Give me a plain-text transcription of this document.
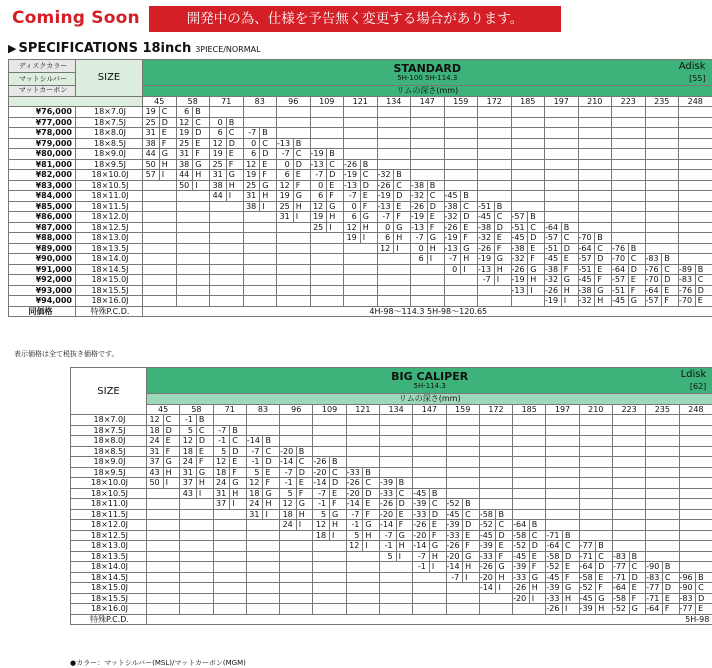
Coming Soon	開発中の為、仕様を予告無く変更する場合があります。
▶ SPECIFICATIONS 18inch 3PIECE/NORMAL
ディスクカラー	SIZE	STANDARD
5H-100 5H-114.3
Adisk
[55]																																	

マットシルバー																																			
マットカーボン		リムの深さ(mm)																																	
		45		58		71		83		96		109		121		134		147		159		172		185		197		210		223		235		248	
¥76,000	18×7.0J	19	C	6	B																														
¥77,000	18×7.5J	25	D	12	C	0	B																												
¥78,000	18×8.0J	31	E	19	D	6	C	-7	B																										
¥79,000	18×8.5J	38	F	25	E	12	D	0	C	-13	B																								
¥80,000	18×9.0J	44	G	31	F	19	E	6	D	-7	C	-19	B																						
¥81,000	18×9.5J	50	H	38	G	25	F	12	E	0	D	-13	C	-26	B																				
¥82,000	18×10.0J	57	I	44	H	31	G	19	F	6	E	-7	D	-19	C	-32	B																		
¥83,000	18×10.5J			50	I	38	H	25	G	12	F	0	E	-13	D	-26	C	-38	B																
¥84,000	18×11.0J					44	I	31	H	19	G	6	F	-7	E	-19	D	-32	C	-45	B														
¥85,000	18×11.5J							38	I	25	H	12	G	0	F	-13	E	-26	D	-38	C	-51	B												
¥86,000	18×12.0J									31	I	19	H	6	G	-7	F	-19	E	-32	D	-45	C	-57	B										
¥87,000	18×12.5J											25	I	12	H	0	G	-13	F	-26	E	-38	D	-51	C	-64	B								
¥88,000	18×13.0J													19	I	6	H	-7	G	-19	F	-32	E	-45	D	-57	C	-70	B						
¥89,000	18×13.5J															12	I	0	H	-13	G	-26	F	-38	E	-51	D	-64	C	-76	B				
¥90,000	18×14.0J																	6	I	-7	H	-19	G	-32	F	-45	E	-57	D	-70	C	-83	B		
¥91,000	18×14.5J																			0	I	-13	H	-26	G	-38	F	-51	E	-64	D	-76	C	-89	B
¥92,000	18×15.0J																					-7	I	-19	H	-32	G	-45	F	-57	E	-70	D	-83	C
¥93,000	18×15.5J																							-13	I	-26	H	-38	G	-51	F	-64	E	-76	D
¥94,000	18×16.0J																									-19	I	-32	H	-45	G	-57	F	-70	E
同価格	特殊P.C.D.	4H-98〜114.3 5H-98〜120.65																																	
表示価格は全て税抜き価格です。
SIZE	BIG CALIPER
5H-114.3
Ldisk
[62]																																	

	リムの深さ(mm)																																	
	45		58		71		83		96		109		121		134		147		159		172		185		197		210		223		235		248	
18×7.0J	12	C	-1	B																														
18×7.5J	18	D	5	C	-7	B																												
18×8.0J	24	E	12	D	-1	C	-14	B																										
18×8.5J	31	F	18	E	5	D	-7	C	-20	B																								
18×9.0J	37	G	24	F	12	E	-1	D	-14	C	-26	B																						
18×9.5J	43	H	31	G	18	F	5	E	-7	D	-20	C	-33	B																				
18×10.0J	50	I	37	H	24	G	12	F	-1	E	-14	D	-26	C	-39	B																		
18×10.5J			43	I	31	H	18	G	5	F	-7	E	-20	D	-33	C	-45	B																
18×11.0J					37	I	24	H	12	G	-1	F	-14	E	-26	D	-39	C	-52	B														
18×11.5J							31	I	18	H	5	G	-7	F	-20	E	-33	D	-45	C	-58	B												
18×12.0J									24	I	12	H	-1	G	-14	F	-26	E	-39	D	-52	C	-64	B										
18×12.5J											18	I	5	H	-7	G	-20	F	-33	E	-45	D	-58	C	-71	B								
18×13.0J													12	I	-1	H	-14	G	-26	F	-39	E	-52	D	-64	C	-77	B						
18×13.5J															5	I	-7	H	-20	G	-33	F	-45	E	-58	D	-71	C	-83	B				
18×14.0J																	-1	I	-14	H	-26	G	-39	F	-52	E	-64	D	-77	C	-90	B		
18×14.5J																			-7	I	-20	H	-33	G	-45	F	-58	E	-71	D	-83	C	-96	B
18×15.0J																					-14	I	-26	H	-39	G	-52	F	-64	E	-77	D	-90	C
18×15.5J																							-20	I	-33	H	-45	G	-58	F	-71	E	-83	D
18×16.0J																									-26	I	-39	H	-52	G	-64	F	-77	E
特殊P.C.D.	5H-98																																	
●カラー：マットシルバー(MSL)/マットカーボン(MGM)
